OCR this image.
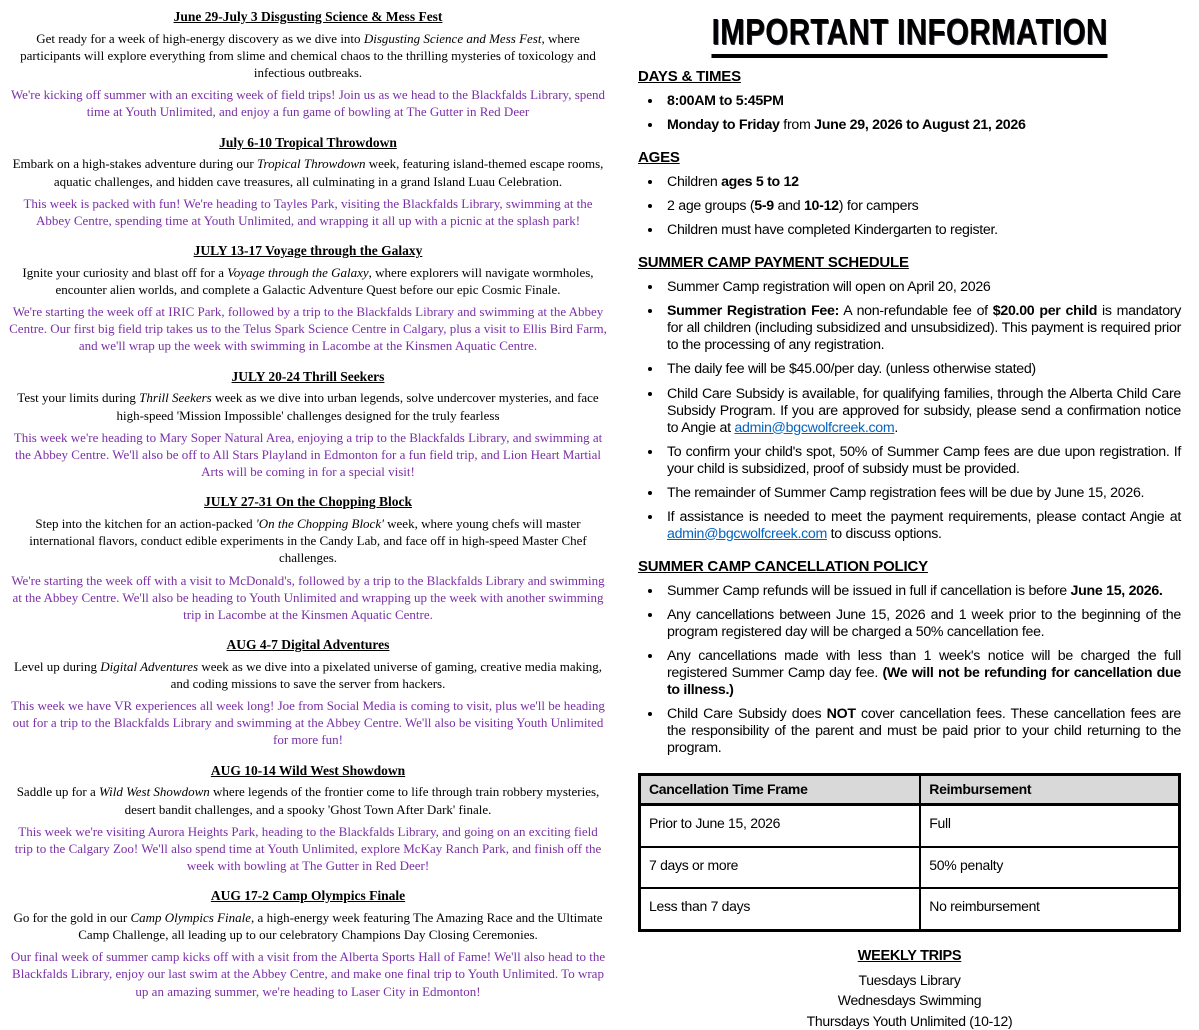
June 29-July 3 Disgusting Science & Mess Fest

Get ready for a week of high-energy discovery as we dive into Disgusting Science and Mess Fest, where participants will explore everything from slime and chemical chaos to the thrilling mysteries of toxicology and infectious outbreaks.

We're kicking off summer with an exciting week of field trips! Join us as we head to the Blackfalds Library, spend time at Youth Unlimited, and enjoy a fun game of bowling at The Gutter in Red Deer

July 6-10 Tropical Throwdown

Embark on a high-stakes adventure during our Tropical Throwdown week, featuring island-themed escape rooms, aquatic challenges, and hidden cave treasures, all culminating in a grand Island Luau Celebration.

This week is packed with fun! We're heading to Tayles Park, visiting the Blackfalds Library, swimming at the Abbey Centre, spending time at Youth Unlimited, and wrapping it all up with a picnic at the splash park!

JULY 13-17 Voyage through the Galaxy

Ignite your curiosity and blast off for a Voyage through the Galaxy, where explorers will navigate wormholes, encounter alien worlds, and complete a Galactic Adventure Quest before our epic Cosmic Finale.

We're starting the week off at IRIC Park, followed by a trip to the Blackfalds Library and swimming at the Abbey Centre. Our first big field trip takes us to the Telus Spark Science Centre in Calgary, plus a visit to Ellis Bird Farm, and we'll wrap up the week with swimming in Lacombe at the Kinsmen Aquatic Centre.

JULY 20-24 Thrill Seekers

Test your limits during Thrill Seekers week as we dive into urban legends, solve undercover mysteries, and face high-speed 'Mission Impossible' challenges designed for the truly fearless

This week we're heading to Mary Soper Natural Area, enjoying a trip to the Blackfalds Library, and swimming at the Abbey Centre. We'll also be off to All Stars Playland in Edmonton for a fun field trip, and Lion Heart Martial Arts will be coming in for a special visit!

JULY 27-31 On the Chopping Block

Step into the kitchen for an action-packed 'On the Chopping Block' week, where young chefs will master international flavors, conduct edible experiments in the Candy Lab, and face off in high-speed Master Chef challenges.

We're starting the week off with a visit to McDonald's, followed by a trip to the Blackfalds Library and swimming at the Abbey Centre. We'll also be heading to Youth Unlimited and wrapping up the week with another swimming trip in Lacombe at the Kinsmen Aquatic Centre.

AUG 4-7 Digital Adventures

Level up during Digital Adventures week as we dive into a pixelated universe of gaming, creative media making, and coding missions to save the server from hackers.

This week we have VR experiences all week long! Joe from Social Media is coming to visit, plus we'll be heading out for a trip to the Blackfalds Library and swimming at the Abbey Centre. We'll also be visiting Youth Unlimited for more fun!

AUG 10-14 Wild West Showdown

Saddle up for a Wild West Showdown where legends of the frontier come to life through train robbery mysteries, desert bandit challenges, and a spooky 'Ghost Town After Dark' finale.

This week we're visiting Aurora Heights Park, heading to the Blackfalds Library, and going on an exciting field trip to the Calgary Zoo! We'll also spend time at Youth Unlimited, explore McKay Ranch Park, and finish off the week with bowling at The Gutter in Red Deer!

AUG 17-2 Camp Olympics Finale

Go for the gold in our Camp Olympics Finale, a high-energy week featuring The Amazing Race and the Ultimate Camp Challenge, all leading up to our celebratory Champions Day Closing Ceremonies.

Our final week of summer camp kicks off with a visit from the Alberta Sports Hall of Fame! We'll also head to the Blackfalds Library, enjoy our last swim at the Abbey Centre, and make one final trip to Youth Unlimited. To wrap up an amazing summer, we're heading to Laser City in Edmonton!

IMPORTANT INFORMATION
DAYS & TIMES
• 8:00AM to 5:45PM
• Monday to Friday from June 29, 2026 to August 21, 2026
AGES
• Children ages 5 to 12
• 2 age groups (5-9 and 10-12) for campers
• Children must have completed Kindergarten to register.
SUMMER CAMP PAYMENT SCHEDULE
• Summer Camp registration will open on April 20, 2026
• Summer Registration Fee: A non-refundable fee of $20.00 per child is mandatory for all children (including subsidized and unsubsidized). This payment is required prior to the processing of any registration.
• The daily fee will be $45.00/per day. (unless otherwise stated)
• Child Care Subsidy is available, for qualifying families, through the Alberta Child Care Subsidy Program. If you are approved for subsidy, please send a confirmation notice to Angie at admin@bgcwolfcreek.com.
• To confirm your child's spot, 50% of Summer Camp fees are due upon registration. If your child is subsidized, proof of subsidy must be provided.
• The remainder of Summer Camp registration fees will be due by June 15, 2026.
• If assistance is needed to meet the payment requirements, please contact Angie at admin@bgcwolfcreek.com to discuss options.
SUMMER CAMP CANCELLATION POLICY
• Summer Camp refunds will be issued in full if cancellation is before June 15, 2026.
• Any cancellations between June 15, 2026 and 1 week prior to the beginning of the program registered day will be charged a 50% cancellation fee.
• Any cancellations made with less than 1 week's notice will be charged the full registered Summer Camp day fee. (We will not be refunding for cancellation due to illness.)
• Child Care Subsidy does NOT cover cancellation fees. These cancellation fees are the responsibility of the parent and must be paid prior to your child returning to the program.
Cancellation Time Frame	Reimbursement
Prior to June 15, 2026	Full
7 days or more	50% penalty
Less than 7 days	No reimbursement
WEEKLY TRIPS
Tuesdays Library
Wednesdays Swimming
Thursdays Youth Unlimited (10-12)
